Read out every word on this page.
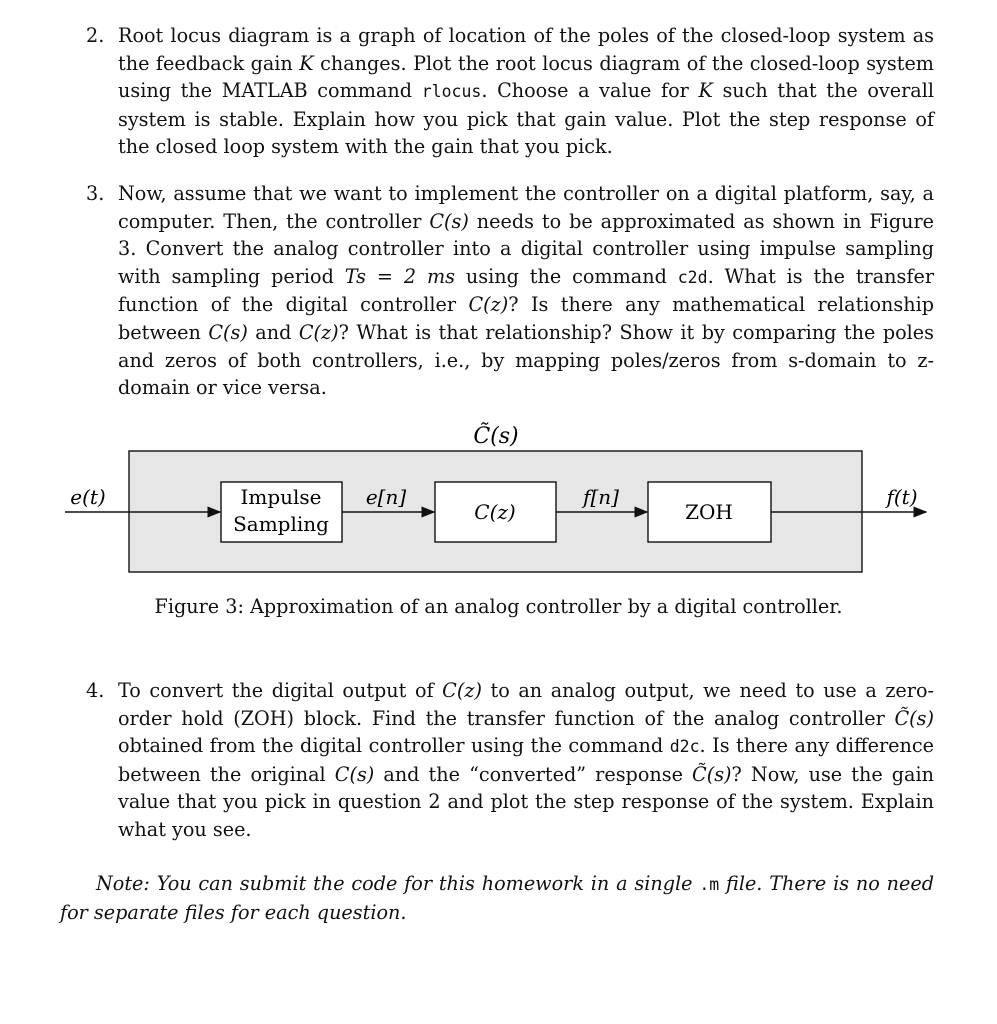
2. Root locus diagram is a graph of location of the poles of the closed-loop system as the feedback gain K changes. Plot the root locus diagram of the closed-loop system using the MATLAB command rlocus. Choose a value for K such that the overall system is stable. Explain how you pick that gain value. Plot the step response of the closed loop system with the gain that you pick.
3. Now, assume that we want to implement the controller on a digital platform, say, a computer. Then, the controller C(s) needs to be approximated as shown in Figure 3. Convert the analog controller into a digital controller using impulse sampling with sampling period Ts = 2 ms using the command c2d. What is the transfer function of the digital controller C(z)? Is there any mathematical relationship between C(s) and C(z)? What is that relationship? Show it by comparing the poles and zeros of both controllers, i.e., by mapping poles/zeros from s-domain to z-domain or vice versa.
C̃(s)
e(t)	Impulse
Sampling
e[n]
C(z)
f[n]
ZOH
f(t)
Figure 3: Approximation of an analog controller by a digital controller.
4. To convert the digital output of C(z) to an analog output, we need to use a zero-order hold (ZOH) block. Find the transfer function of the analog controller C̃(s) obtained from the digital controller using the command d2c. Is there any difference between the original C(s) and the “converted” response C̃(s)? Now, use the gain value that you pick in question 2 and plot the step response of the system. Explain what you see.
Note: You can submit the code for this homework in a single .m file. There is no need for separate files for each question.
